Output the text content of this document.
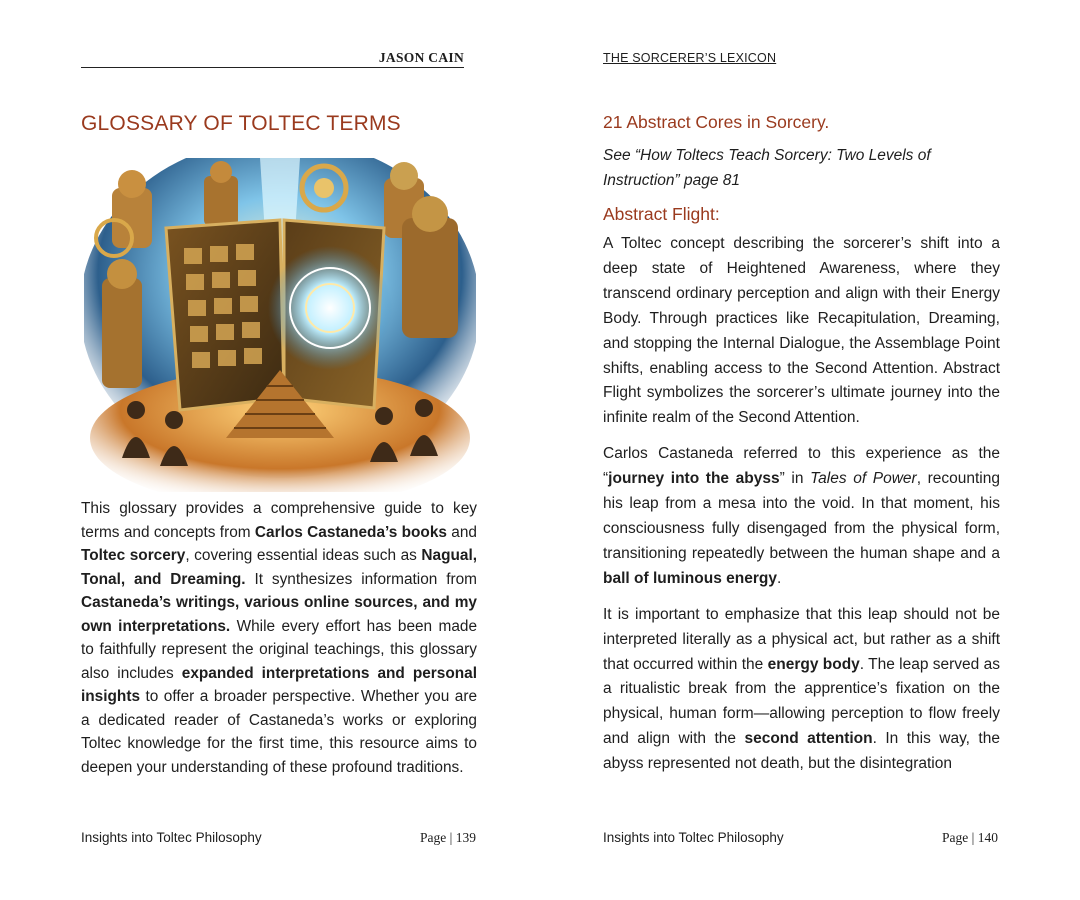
JASON CAIN
GLOSSARY OF TOLTEC TERMS

This glossary provides a comprehensive guide to key terms and concepts from Carlos Castaneda’s books and Toltec sorcery, covering essential ideas such as Nagual, Tonal, and Dreaming. It synthesizes information from Castaneda’s writings, various online sources, and my own interpretations. While every effort has been made to faithfully represent the original teachings, this glossary also includes expanded interpretations and personal insights to offer a broader perspective. Whether you are a dedicated reader of Castaneda’s works or exploring Toltec knowledge for the first time, this resource aims to deepen your understanding of these profound traditions.

Insights into Toltec Philosophy	Page | 139
THE SORCERER’S LEXICON
21 Abstract Cores in Sorcery.
See “How Toltecs Teach Sorcery: Two Levels of Instruction” page 81
Abstract Flight:

A Toltec concept describing the sorcerer’s shift into a deep state of Heightened Awareness, where they transcend ordinary perception and align with their Energy Body. Through practices like Recapitulation, Dreaming, and stopping the Internal Dialogue, the Assemblage Point shifts, enabling access to the Second Attention. Abstract Flight symbolizes the sorcerer’s ultimate journey into the infinite realm of the Second Attention.

Carlos Castaneda referred to this experience as the “journey into the abyss” in Tales of Power, recounting his leap from a mesa into the void. In that moment, his consciousness fully disengaged from the physical form, transitioning repeatedly between the human shape and a ball of luminous energy.

It is important to emphasize that this leap should not be interpreted literally as a physical act, but rather as a shift that occurred within the energy body. The leap served as a ritualistic break from the apprentice’s fixation on the physical, human form—allowing perception to flow freely and align with the second attention. In this way, the abyss represented not death, but the disintegration

Insights into Toltec Philosophy	Page | 140
